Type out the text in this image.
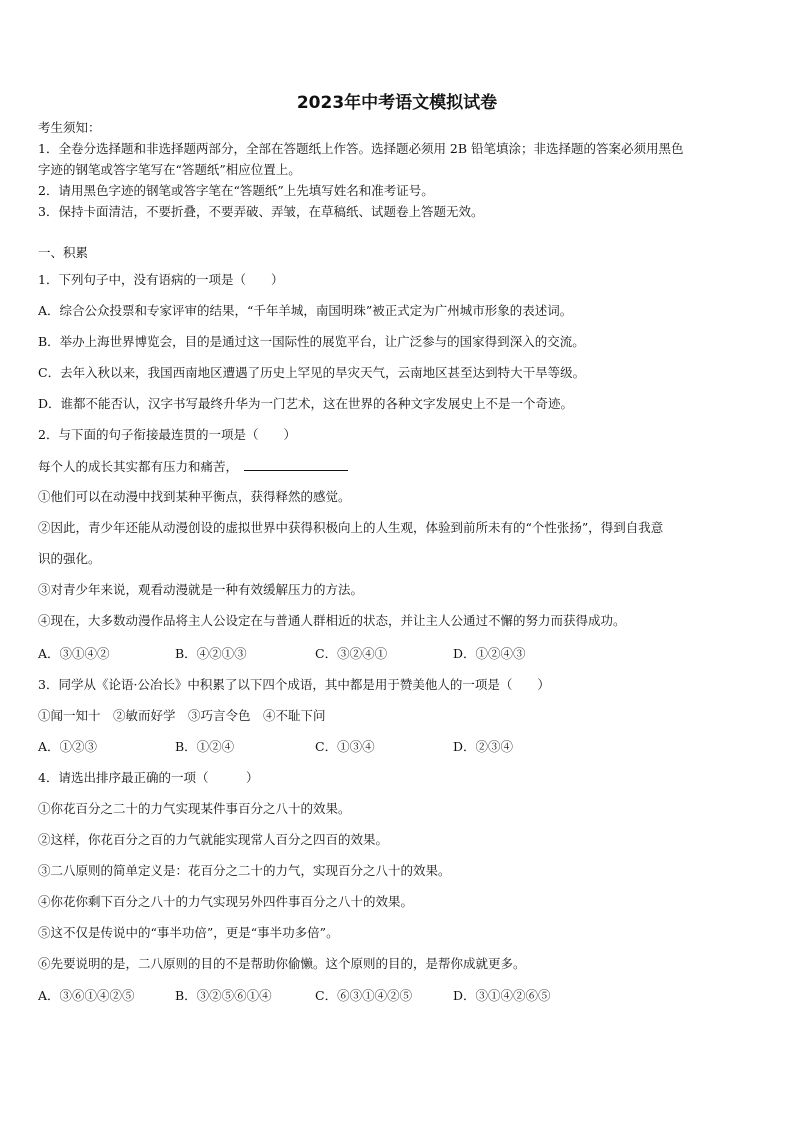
2023年中考语文模拟试卷
考生须知：
1．全卷分选择题和非选择题两部分，全部在答题纸上作答。选择题必须用 2B 铅笔填涂；非选择题的答案必须用黑色
字迹的钢笔或答字笔写在“答题纸”相应位置上。
2．请用黑色字迹的钢笔或答字笔在“答题纸”上先填写姓名和准考证号。
3．保持卡面清洁，不要折叠，不要弄破、弄皱，在草稿纸、试题卷上答题无效。
一、积累
1．下列句子中，没有语病的一项是（　　）
A．综合公众投票和专家评审的结果，“千年羊城，南国明珠”被正式定为广州城市形象的表述词。
B．举办上海世界博览会，目的是通过这一国际性的展览平台，让广泛参与的国家得到深入的交流。
C．去年入秋以来，我国西南地区遭遇了历史上罕见的旱灾天气，云南地区甚至达到特大干旱等级。
D．谁都不能否认，汉字书写最终升华为一门艺术，这在世界的各种文字发展史上不是一个奇迹。
2．与下面的句子衔接最连贯的一项是（　　）
每个人的成长其实都有压力和痛苦，
①他们可以在动漫中找到某种平衡点，获得释然的感觉。
②因此，青少年还能从动漫创设的虚拟世界中获得积极向上的人生观，体验到前所未有的“个性张扬”，得到自我意
识的强化。
③对青少年来说，观看动漫就是一种有效缓解压力的方法。
④现在，大多数动漫作品将主人公设定在与普通人群相近的状态，并让主人公通过不懈的努力而获得成功。
A．③①④②	B．④②①③	C．③②④①	D．①②④③
3．同学从《论语·公冶长》中积累了以下四个成语，其中都是用于赞美他人的一项是（　　）
①闻一知十　②敏而好学　③巧言令色　④不耻下问
A．①②③	B．①②④	C．①③④	D．②③④
4．请选出排序最正确的一项（　　　）
①你花百分之二十的力气实现某件事百分之八十的效果。
②这样，你花百分之百的力气就能实现常人百分之四百的效果。
③二八原则的简单定义是：花百分之二十的力气，实现百分之八十的效果。
④你花你剩下百分之八十的力气实现另外四件事百分之八十的效果。
⑤这不仅是传说中的“事半功倍”，更是“事半功多倍”。
⑥先要说明的是，二八原则的目的不是帮助你偷懒。这个原则的目的，是帮你成就更多。
A．③⑥①④②⑤	B．③②⑤⑥①④	C．⑥③①④②⑤	D．③①④②⑥⑤
